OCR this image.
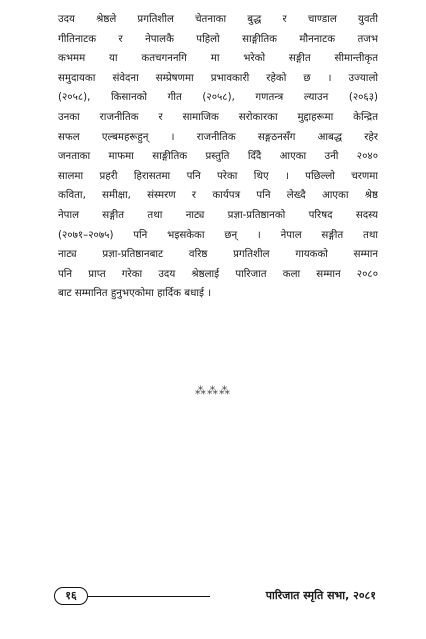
उदय श्रेष्ठले प्रगतिशील चेतनाका बुद्ध र चाण्डाल युवती
गीतिनाटक र नेपालकै पहिलो साङ्गीतिक मौननाटक तजभ
कभमम या कतचगननगि मा भरेको सङ्गीत सीमान्तीकृत
समुदायका संवेदना सम्प्रेषणमा प्रभावकारी रहेको छ । उज्यालो
(२०५८), किसानको गीत (२०५८), गणतन्त्र ल्याउन (२०६३)
उनका राजनीतिक र सामाजिक सरोकारका मुद्दाहरूमा केन्द्रित
सफल एल्बमहरूहुन् । राजनीतिक सङ्गठनसँग आबद्ध रहेर
जनताका माफमा साङ्गीतिक प्रस्तुति दिँदै आएका उनी २०४०
सालमा प्रहरी हिरासतमा पनि परेका थिए । पछिल्लो चरणमा
कविता, समीक्षा, संस्मरण र कार्यपत्र पनि लेख्दै आएका श्रेष्ठ
नेपाल सङ्गीत तथा नाट्य प्रज्ञा-प्रतिष्ठानको परिषद सदस्य
(२०७१–२०७५) पनि भइसकेका छन् । नेपाल सङ्गीत तथा
नाट्य प्रज्ञा-प्रतिष्ठानबाट वरिष्ठ प्रगतिशील गायकको सम्मान
पनि प्राप्त गरेका उदय श्रेष्ठलाई पारिजात कला सम्मान २०८०
बाट सम्मानित हुनुभएकोमा हार्दिक बधाई ।
⁂⁂⁂
१६	पारिजात स्मृति सभा, २०८१
